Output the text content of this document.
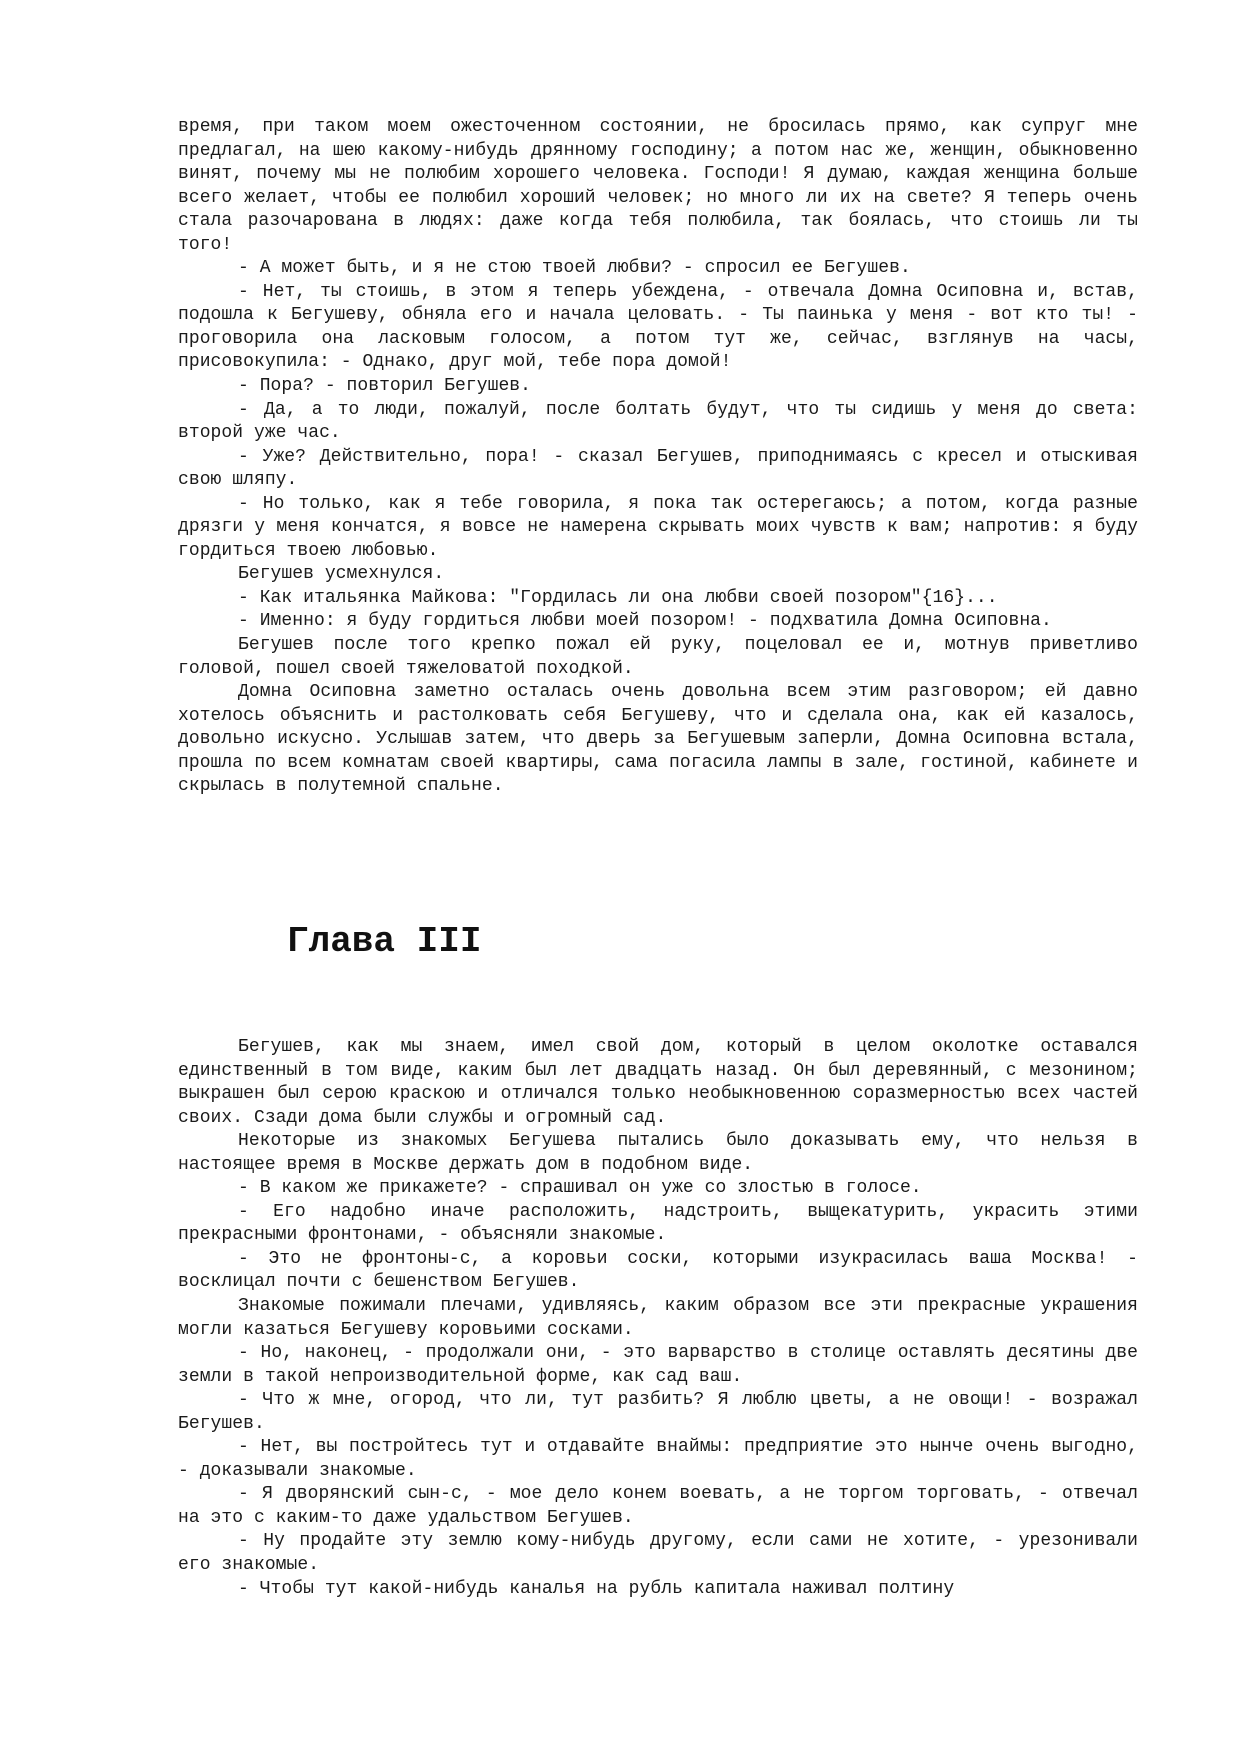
время, при таком моем ожесточенном состоянии, не бросилась прямо, как супруг мне предлагал, на шею какому-нибудь дрянному господину; а потом нас же, женщин, обыкновенно винят, почему мы не полюбим хорошего человека. Господи! Я думаю, каждая женщина больше всего желает, чтобы ее полюбил хороший человек; но много ли их на свете? Я теперь очень стала разочарована в людях: даже когда тебя полюбила, так боялась, что стоишь ли ты того!

- А может быть, и я не стою твоей любви? - спросил ее Бегушев.

- Нет, ты стоишь, в этом я теперь убеждена, - отвечала Домна Осиповна и, встав, подошла к Бегушеву, обняла его и начала целовать. - Ты паинька у меня - вот кто ты! - проговорила она ласковым голосом, а потом тут же, сейчас, взглянув на часы, присовокупила: - Однако, друг мой, тебе пора домой!

- Пора? - повторил Бегушев.

- Да, а то люди, пожалуй, после болтать будут, что ты сидишь у меня до света: второй уже час.

- Уже? Действительно, пора! - сказал Бегушев, приподнимаясь с кресел и отыскивая свою шляпу.

- Но только, как я тебе говорила, я пока так остерегаюсь; а потом, когда разные дрязги у меня кончатся, я вовсе не намерена скрывать моих чувств к вам; напротив: я буду гордиться твоею любовью.

Бегушев усмехнулся.

- Как итальянка Майкова: "Гордилась ли она любви своей позором"{16}...

- Именно: я буду гордиться любви моей позором! - подхватила Домна Осиповна.

Бегушев после того крепко пожал ей руку, поцеловал ее и, мотнув приветливо головой, пошел своей тяжеловатой походкой.

Домна Осиповна заметно осталась очень довольна всем этим разговором; ей давно хотелось объяснить и растолковать себя Бегушеву, что и сделала она, как ей казалось, довольно искусно. Услышав затем, что дверь за Бегушевым заперли, Домна Осиповна встала, прошла по всем комнатам своей квартиры, сама погасила лампы в зале, гостиной, кабинете и скрылась в полутемной спальне.

Глава III

Бегушев, как мы знаем, имел свой дом, который в целом околотке оставался единственный в том виде, каким был лет двадцать назад. Он был деревянный, с мезонином; выкрашен был серою краскою и отличался только необыкновенною соразмерностью всех частей своих. Сзади дома были службы и огромный сад.

Некоторые из знакомых Бегушева пытались было доказывать ему, что нельзя в настоящее время в Москве держать дом в подобном виде.

- В каком же прикажете? - спрашивал он уже со злостью в голосе.

- Его надобно иначе расположить, надстроить, выщекатурить, украсить этими прекрасными фронтонами, - объясняли знакомые.

- Это не фронтоны-с, а коровьи соски, которыми изукрасилась ваша Москва! - восклицал почти с бешенством Бегушев.

Знакомые пожимали плечами, удивляясь, каким образом все эти прекрасные украшения могли казаться Бегушеву коровьими сосками.

- Но, наконец, - продолжали они, - это варварство в столице оставлять десятины две земли в такой непроизводительной форме, как сад ваш.

- Что ж мне, огород, что ли, тут разбить? Я люблю цветы, а не овощи! - возражал Бегушев.

- Нет, вы постройтесь тут и отдавайте внаймы: предприятие это нынче очень выгодно, - доказывали знакомые.

- Я дворянский сын-с, - мое дело конем воевать, а не торгом торговать, - отвечал на это с каким-то даже удальством Бегушев.

- Ну продайте эту землю кому-нибудь другому, если сами не хотите, - урезонивали его знакомые.

- Чтобы тут какой-нибудь каналья на рубль капитала наживал полтину
